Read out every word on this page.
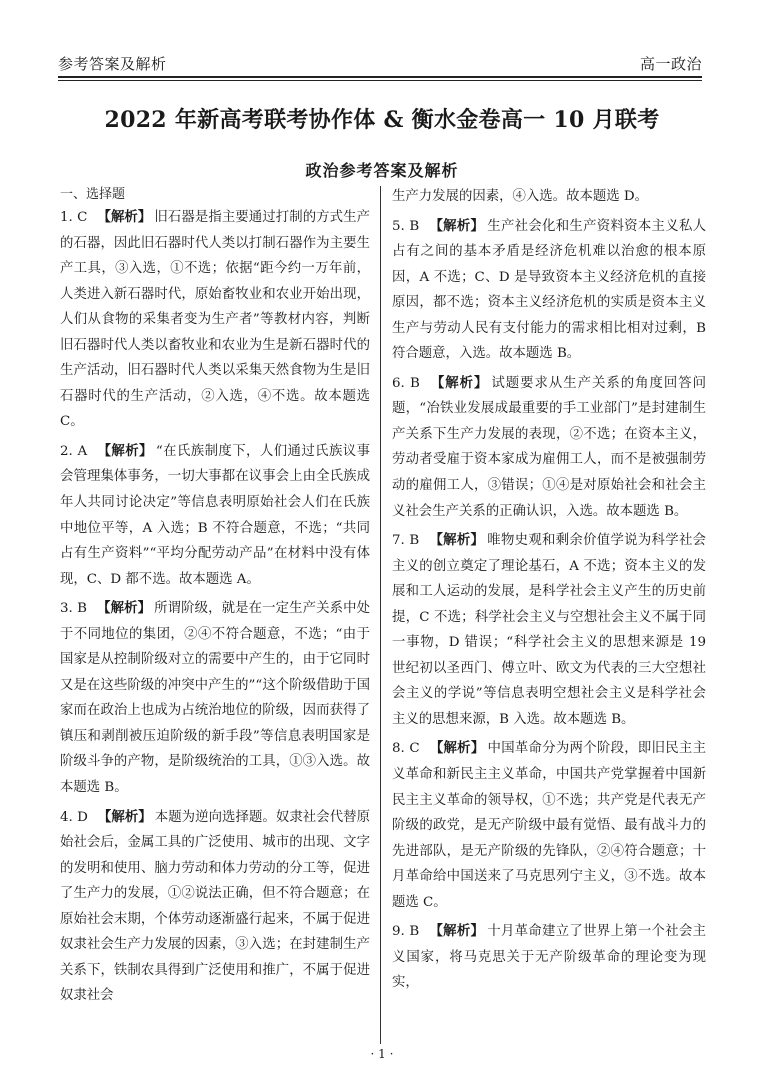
参考答案及解析	高一政治
2022 年新高考联考协作体 & 衡水金卷高一 10 月联考
政治参考答案及解析

一、选择题

1. C 【解析】 旧石器是指主要通过打制的方式生产的石器，因此旧石器时代人类以打制石器作为主要生产工具，③入选，①不选；依据“距今约一万年前，人类进入新石器时代，原始畜牧业和农业开始出现，人们从食物的采集者变为生产者”等教材内容，判断旧石器时代人类以畜牧业和农业为生是新石器时代的生产活动，旧石器时代人类以采集天然食物为生是旧石器时代的生产活动，②入选，④不选。故本题选 C。

2. A 【解析】 “在氏族制度下，人们通过氏族议事会管理集体事务，一切大事都在议事会上由全氏族成年人共同讨论决定”等信息表明原始社会人们在氏族中地位平等，A 入选；B 不符合题意，不选；“共同占有生产资料”“平均分配劳动产品”在材料中没有体现，C、D 都不选。故本题选 A。

3. B 【解析】 所谓阶级，就是在一定生产关系中处于不同地位的集团，②④不符合题意，不选；“由于国家是从控制阶级对立的需要中产生的，由于它同时又是在这些阶级的冲突中产生的”“这个阶级借助于国家而在政治上也成为占统治地位的阶级，因而获得了镇压和剥削被压迫阶级的新手段”等信息表明国家是阶级斗争的产物，是阶级统治的工具，①③入选。故本题选 B。

4. D 【解析】 本题为逆向选择题。奴隶社会代替原始社会后，金属工具的广泛使用、城市的出现、文字的发明和使用、脑力劳动和体力劳动的分工等，促进了生产力的发展，①②说法正确，但不符合题意；在原始社会末期，个体劳动逐渐盛行起来，不属于促进奴隶社会生产力发展的因素，③入选；在封建制生产关系下，铁制农具得到广泛使用和推广，不属于促进奴隶社会

生产力发展的因素，④入选。故本题选 D。

5. B 【解析】 生产社会化和生产资料资本主义私人占有之间的基本矛盾是经济危机难以治愈的根本原因，A 不选；C、D 是导致资本主义经济危机的直接原因，都不选；资本主义经济危机的实质是资本主义生产与劳动人民有支付能力的需求相比相对过剩，B 符合题意，入选。故本题选 B。

6. B 【解析】 试题要求从生产关系的角度回答问题，“冶铁业发展成最重要的手工业部门”是封建制生产关系下生产力发展的表现，②不选；在资本主义，劳动者受雇于资本家成为雇佣工人，而不是被强制劳动的雇佣工人，③错误；①④是对原始社会和社会主义社会生产关系的正确认识，入选。故本题选 B。

7. B 【解析】 唯物史观和剩余价值学说为科学社会主义的创立奠定了理论基石，A 不选；资本主义的发展和工人运动的发展，是科学社会主义产生的历史前提，C 不选；科学社会主义与空想社会主义不属于同一事物，D 错误；“科学社会主义的思想来源是 19 世纪初以圣西门、傅立叶、欧文为代表的三大空想社会主义的学说”等信息表明空想社会主义是科学社会主义的思想来源，B 入选。故本题选 B。

8. C 【解析】 中国革命分为两个阶段，即旧民主主义革命和新民主主义革命，中国共产党掌握着中国新民主主义革命的领导权，①不选；共产党是代表无产阶级的政党，是无产阶级中最有觉悟、最有战斗力的先进部队，是无产阶级的先锋队，②④符合题意；十月革命给中国送来了马克思列宁主义，③不选。故本题选 C。

9. B 【解析】 十月革命建立了世界上第一个社会主义国家，将马克思关于无产阶级革命的理论变为现实，

· 1 ·
